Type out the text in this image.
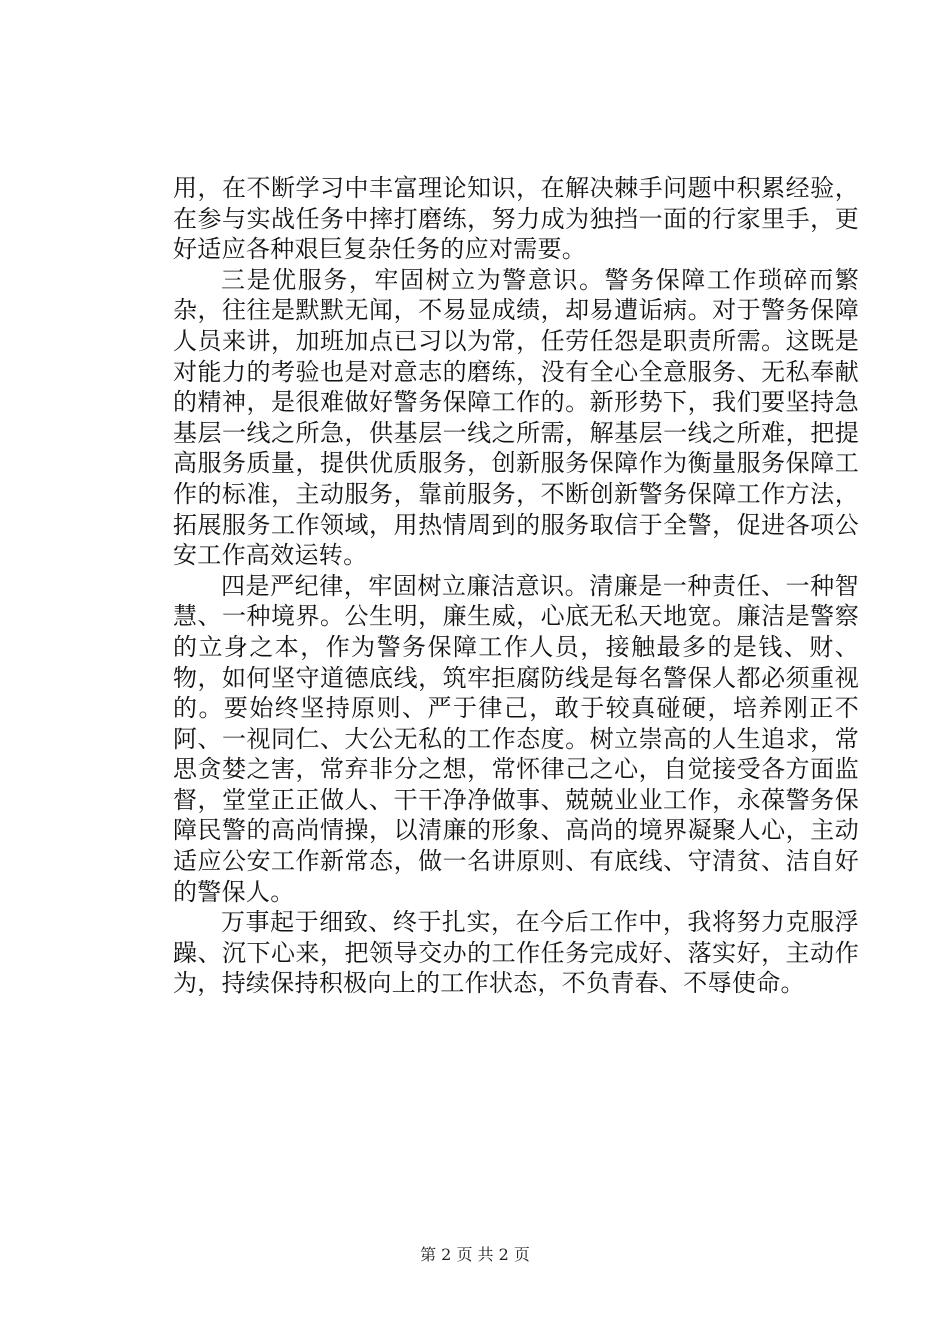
用，在不断学习中丰富理论知识，在解决棘手问题中积累经验，在参与实战任务中摔打磨练，努力成为独挡一面的行家里手，更好适应各种艰巨复杂任务的应对需要。

三是优服务，牢固树立为警意识。警务保障工作琐碎而繁杂，往往是默默无闻，不易显成绩，却易遭诟病。对于警务保障人员来讲，加班加点已习以为常，任劳任怨是职责所需。这既是对能力的考验也是对意志的磨练，没有全心全意服务、无私奉献的精神，是很难做好警务保障工作的。新形势下，我们要坚持急基层一线之所急，供基层一线之所需，解基层一线之所难，把提高服务质量，提供优质服务，创新服务保障作为衡量服务保障工作的标准，主动服务，靠前服务，不断创新警务保障工作方法，拓展服务工作领域，用热情周到的服务取信于全警，促进各项公安工作高效运转。

四是严纪律，牢固树立廉洁意识。清廉是一种责任、一种智慧、一种境界。公生明，廉生威，心底无私天地宽。廉洁是警察的立身之本，作为警务保障工作人员，接触最多的是钱、财、物，如何坚守道德底线，筑牢拒腐防线是每名警保人都必须重视的。要始终坚持原则、严于律己，敢于较真碰硬，培养刚正不阿、一视同仁、大公无私的工作态度。树立崇高的人生追求，常思贪婪之害，常弃非分之想，常怀律己之心，自觉接受各方面监督，堂堂正正做人、干干净净做事、兢兢业业工作，永葆警务保障民警的高尚情操，以清廉的形象、高尚的境界凝聚人心，主动适应公安工作新常态，做一名讲原则、有底线、守清贫、洁自好的警保人。

万事起于细致、终于扎实，在今后工作中，我将努力克服浮躁、沉下心来，把领导交办的工作任务完成好、落实好，主动作为，持续保持积极向上的工作状态，不负青春、不辱使命。

第 2 页 共 2 页
